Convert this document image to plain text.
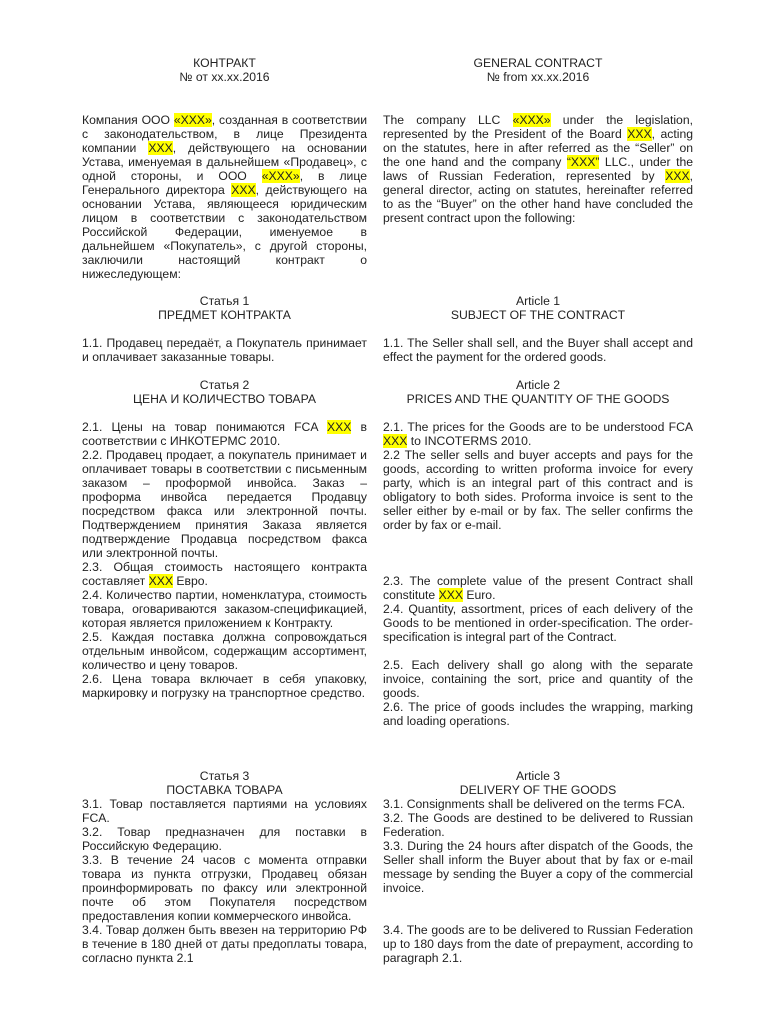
КОНТРАКТ
№ от xx.xx.2016
GENERAL CONTRACT
№ from xx.xx.2016

Компания ООО «XXX», созданная в соответствии с законодательством, в лице Президента компании XXX, действующего на основании Устава, именуемая в дальнейшем «Продавец», с одной стороны, и ООО «XXX», в лице Генерального директора XXX, действующего на основании Устава, являющееся юридическим лицом в соответствии с законодательством Российской Федерации, именуемое в дальнейшем «Покупатель», с другой стороны, заключили настоящий контракт о нижеследующем:

The company LLC «XXX» under the legislation, represented by the President of the Board XXX, acting on the statutes, here in after referred as the “Seller” on the one hand and the company “XXX” LLC., under the laws of Russian Federation, represented by XXX, general director, acting on statutes, hereinafter referred to as the “Buyer” on the other hand have concluded the present contract upon the following:

Статья 1
ПРЕДМЕТ КОНТРАКТА
Article 1
SUBJECT OF THE CONTRACT

1.1. Продавец передаёт, а Покупатель принимает и оплачивает заказанные товары.

1.1. The Seller shall sell, and the Buyer shall accept and effect the payment for the ordered goods.

Статья 2
ЦЕНА И КОЛИЧЕСТВО ТОВАРА
Article 2
PRICES AND THE QUANTITY OF THE GOODS

2.1. Цены на товар понимаются FCA XXX в соответствии с ИНКОТЕРМС 2010.
2.2. Продавец продает, а покупатель принимает и оплачивает товары в соответствии с письменным заказом – проформой инвойса. Заказ – проформа инвойса передается Продавцу посредством факса или электронной почты. Подтверждением принятия Заказа является подтверждение Продавца посредством факса или электронной почты.
2.3. Общая стоимость настоящего контракта составляет XXX Евро.
2.4. Количество партии, номенклатура, стоимость товара, оговариваются заказом-спецификацией, которая является приложением к Контракту.
2.5. Каждая поставка должна сопровождаться отдельным инвойсом, содержащим ассортимент, количество и цену товаров.
2.6. Цена товара включает в себя упаковку, маркировку и погрузку на транспортное средство.

2.1. The prices for the Goods are to be understood FCA XXX to INCOTERMS 2010.
2.2 The seller sells and buyer accepts and pays for the goods, according to written proforma invoice for every party, which is an integral part of this contract and is obligatory to both sides. Proforma invoice is sent to the seller either by e-mail or by fax. The seller confirms the order by fax or e-mail.

2.3. The complete value of the present Contract shall constitute XXX Euro.
2.4. Quantity, assortment, prices of each delivery of the Goods to be mentioned in order-specification. The order-specification is integral part of the Contract.

2.5. Each delivery shall go along with the separate invoice, containing the sort, price and quantity of the goods.
2.6. The price of goods includes the wrapping, marking and loading operations.

Статья 3
ПОСТАВКА ТОВАРА
Article 3
DELIVERY OF THE GOODS

3.1. Товар поставляется партиями на условиях FCA.
3.2. Товар предназначен для поставки в Российскую Федерацию.
3.3. В течение 24 часов с момента отправки товара из пункта отгрузки, Продавец обязан проинформировать по факсу или электронной почте об этом Покупателя посредством предоставления копии коммерческого инвойса.
3.4. Товар должен быть ввезен на территорию РФ в течение в 180 дней от даты предоплаты товара, согласно пункта 2.1

3.1. Consignments shall be delivered on the terms FCA.
3.2. The Goods are destined to be delivered to Russian Federation.
3.3. During the 24 hours after dispatch of the Goods, the Seller shall inform the Buyer about that by fax or e-mail message by sending the Buyer a copy of the commercial invoice.

3.4. The goods are to be delivered to Russian Federation up to 180 days from the date of prepayment, according to paragraph 2.1.
